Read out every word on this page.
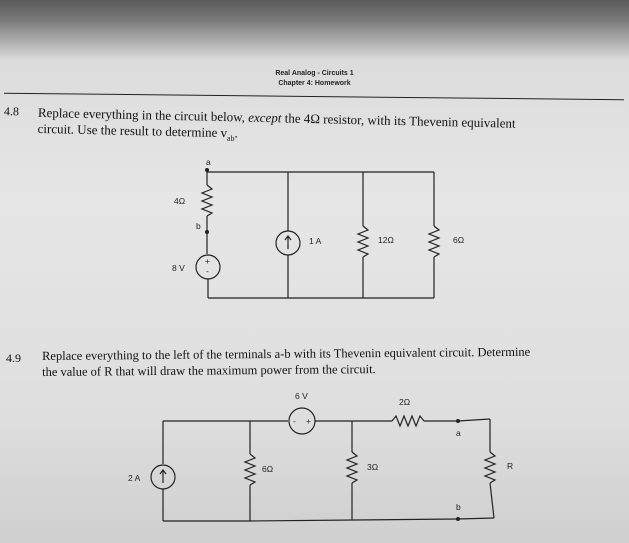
Real Analog - Circuits 1
Chapter 4: Homework
4.8 Replace everything in the circuit below, except the 4Ω resistor, with its Thevenin equivalent
circuit. Use the result to determine $v_{ab}$.
a
b
4Ω
8 V
+
-
1 A	12Ω	6Ω
4.9 Replace everything to the left of the terminals a-b with its Thevenin equivalent circuit. Determine
the value of R that will draw the maximum power from the circuit.
6 V
- +
2Ω
a
b
2 A
6Ω	3Ω	R
